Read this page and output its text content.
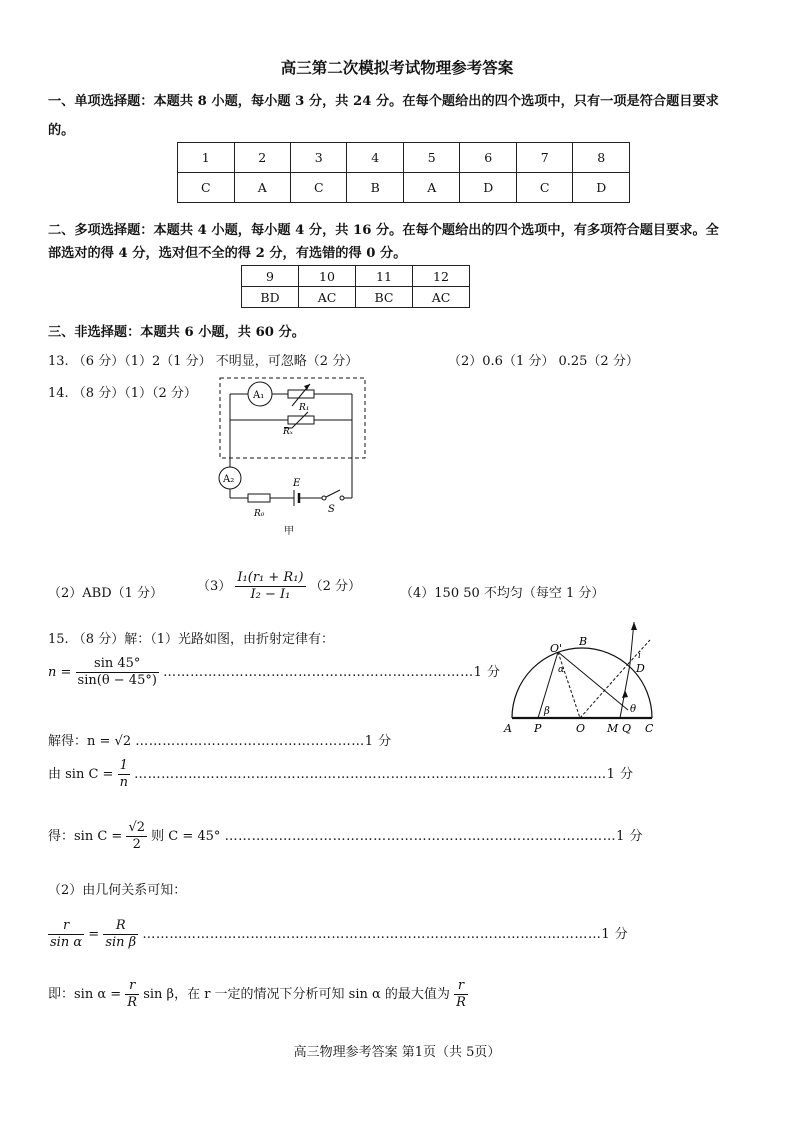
高三第二次模拟考试物理参考答案
一、单项选择题：本题共 8 小题，每小题 3 分，共 24 分。在每个题给出的四个选项中，只有一项是符合题目要求
的。
1	2	3	4	5	6	7	8
C	A	C	B	A	D	C	D
二、多项选择题：本题共 4 小题，每小题 4 分，共 16 分。在每个题给出的四个选项中，有多项符合题目要求。全
部选对的得 4 分，选对但不全的得 2 分，有选错的得 0 分。
9	10	11	12
BD	AC	BC	AC
三、非选择题：本题共 6 小题，共 60 分。
13. （6 分）（1）2（1 分） 不明显，可忽略（2 分）	（2）0.6（1 分） 0.25（2 分）
14. （8 分）（1）（2 分）	A₁
R₁
Rₓ
A₂	E
R₀	S
甲
（2）ABD（1 分）	$(3) \frac{\text{I₁(r₁ + R₁)}}{\text{I₂ − I₁}} (2$ 分）	（4）150 50 不均匀（每空 1 分）
15. （8 分）解：（1）光路如图，由折射定律有：
$n = \frac{\sin 45^\circ}{\sin(\theta - 45^\circ)}$ ……………………………………………………………1 分
解得：n = √2 ……………………………………………1 分
由 $\sin C = \frac{1}{n}$ ……………………………………………………………………………………………1 分
得：$\sin C = \frac{√2}{2}$ 则 C = 45° ……………………………………………………………………………1 分
（2）由几何关系可知：
$\frac{r}{\text{sin α}} = \frac{R}{\text{sin β}}$ …………………………………………………………………………………………1 分
即：$\sin \alpha = \frac{r}{R}$ sin β，在 r 一定的情况下分析可知 sin α 的最大值为 $\frac{r}{R}$
A P	O M Q C
B
O'
D
α
β	θ
i
高三物理参考答案 第1页（共 5页）
